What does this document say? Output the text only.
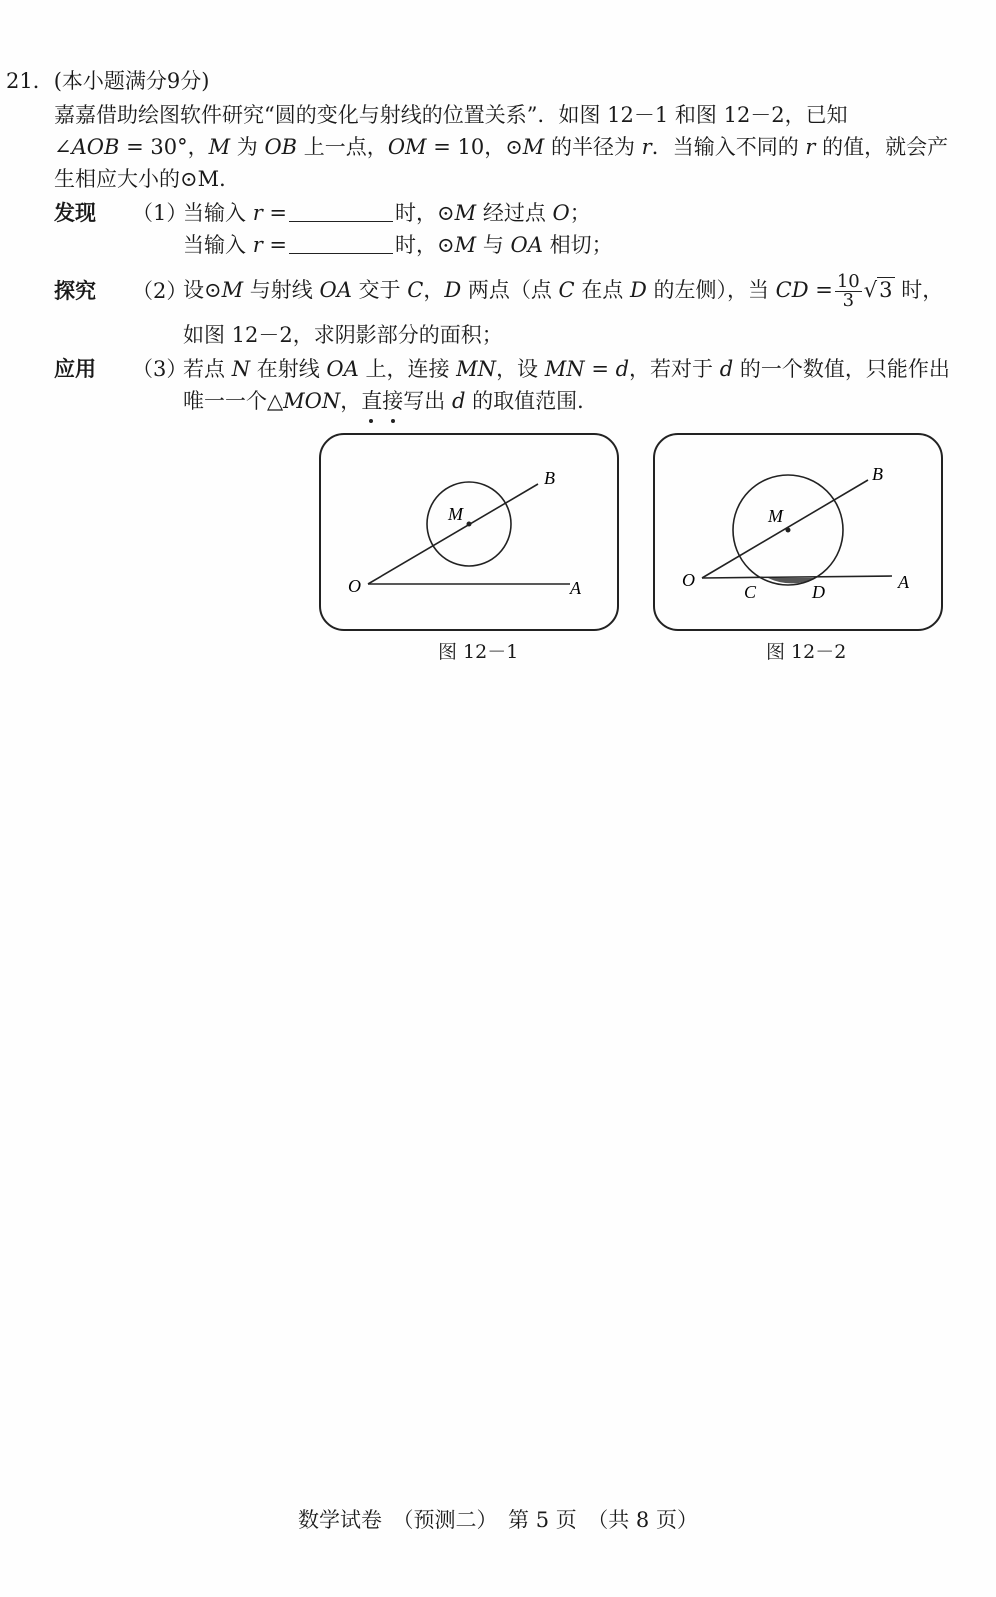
21．(本小题满分9分)
嘉嘉借助绘图软件研究“圆的变化与射线的位置关系”．如图 12－1 和图 12－2，已知
∠AOB = 30°，M 为 OB 上一点，OM = 10，⊙M 的半径为 r．当输入不同的 r 的值，就会产
生相应大小的⊙M．
发现 （1）
当输入 r =	时，⊙M 经过点 O；
当输入 r =	时，⊙M 与 OA 相切；
探究 （2）
设⊙M 与射线 OA 交于 C，D 两点（点 C 在点 D 的左侧），当 CD = $\frac{10}{3} √3$ 时，
如图 12－2，求阴影部分的面积；
应用 （3）
若点 N 在射线 OA 上，连接 MN，设 MN = d，若对于 d 的一个数值，只能作出
唯一一个△MON，直接
写出 d 的取值范围．
O	A
B
M
图 12－1
O	A
B
M
C	D
图 12－2
数学试卷　（预测二）　第 5 页　（共 8 页）
